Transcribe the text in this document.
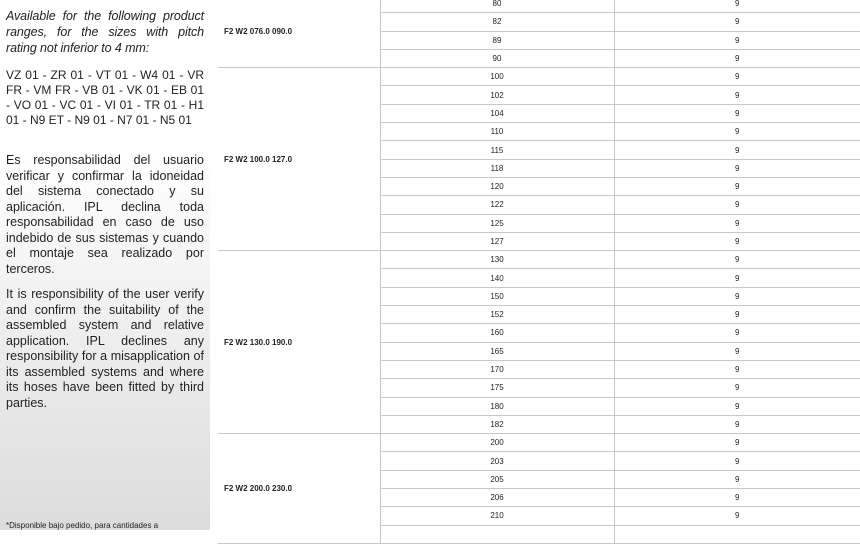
Available for the following product ranges, for the sizes with pitch rating not inferior to 4 mm:

VZ 01 - ZR 01 - VT 01 - W4 01 - VR FR - VM FR - VB 01 - VK 01 - EB 01 - VO 01 - VC 01 - VI 01 - TR 01 - H1 01 - N9 ET - N9 01 - N7 01 - N5 01

Es responsabilidad del usuario verificar y confirmar la idoneidad del sistema conectado y su aplicación. IPL declina toda responsabilidad en caso de uso indebido de sus sistemas y cuando el montaje sea realizado por terceros.

It is responsibility of the user verify and confirm the suitability of the assembled system and relative application. IPL declines any responsibility for a misapplication of its assembled systems and where its hoses have been fitted by third parties.

*Disponible bajo pedido, para cantidades a
F2 W2 076.0 090.0	80	9
	82	9
	89	9
	90	9
F2 W2 100.0 127.0	100	9
	102	9
	104	9
	110	9
	115	9
	118	9
	120	9
	122	9
	125	9
	127	9
F2 W2 130.0 190.0	130	9
	140	9
	150	9
	152	9
	160	9
	165	9
	170	9
	175	9
	180	9
	182	9
F2 W2 200.0 230.0	200	9
	203	9
	205	9
	206	9
	210	9
